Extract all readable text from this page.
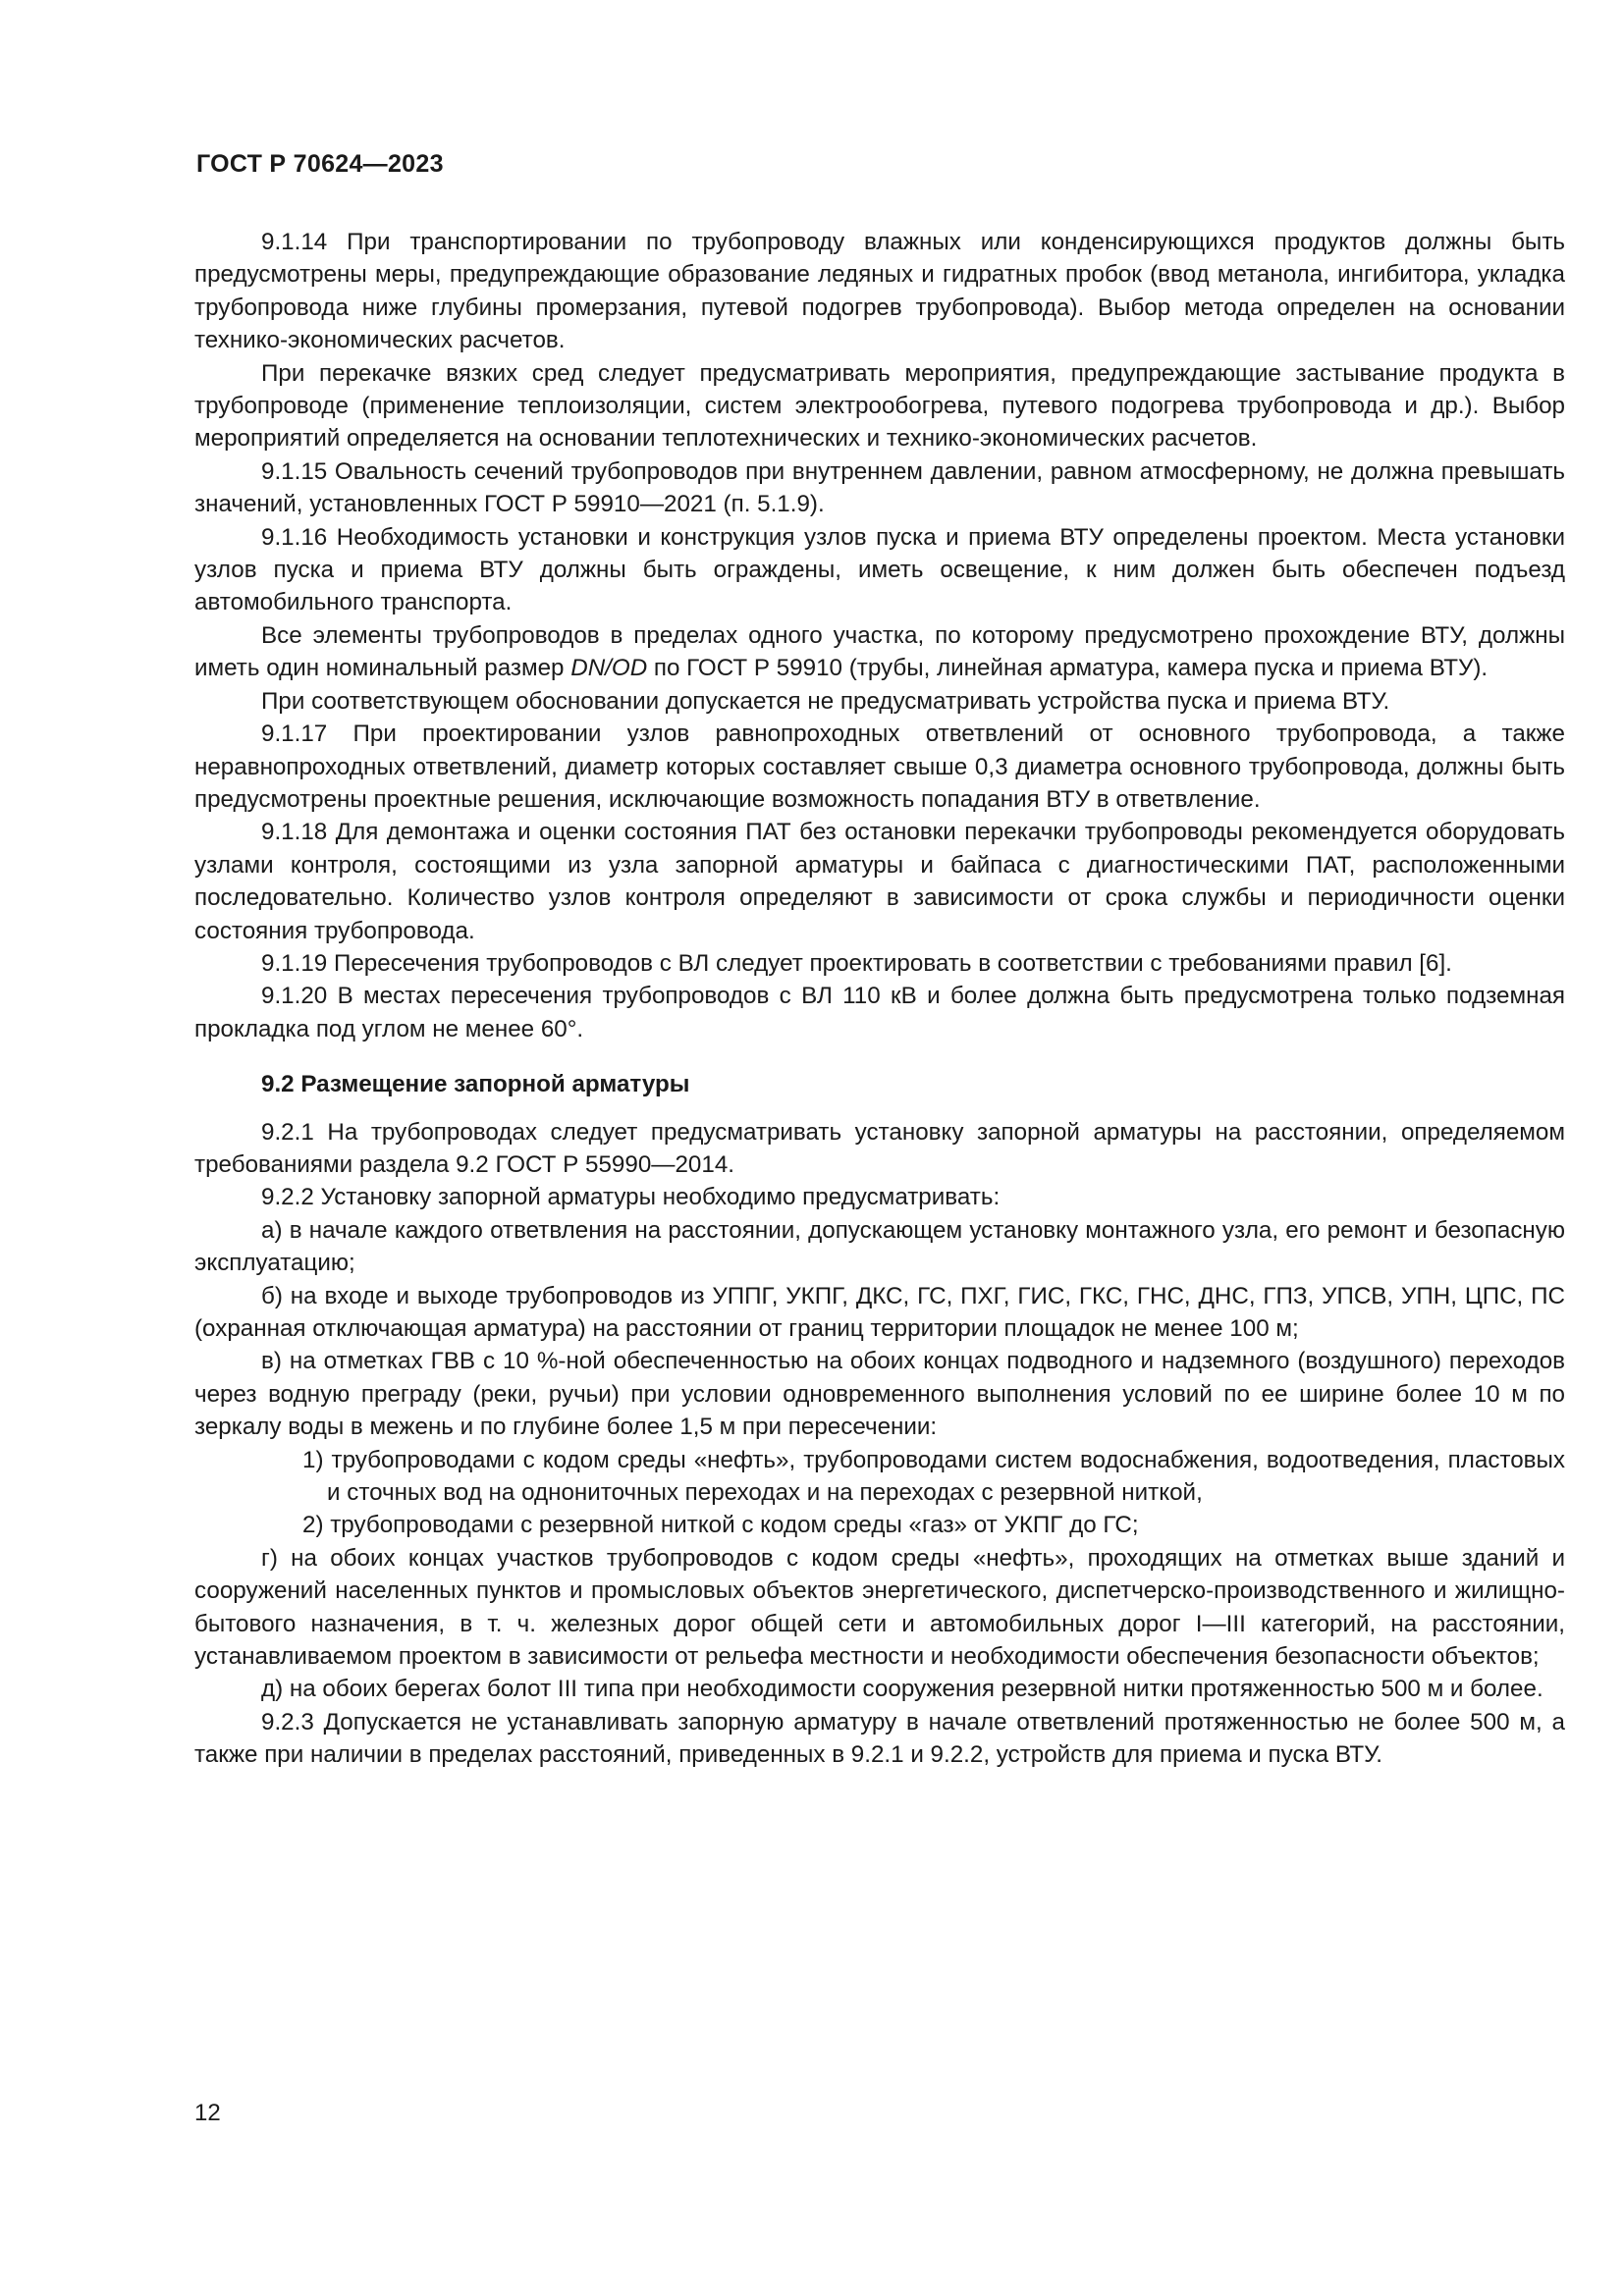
ГОСТ Р 70624—2023

9.1.14 При транспортировании по трубопроводу влажных или конденсирующихся продуктов должны быть предусмотрены меры, предупреждающие образование ледяных и гидратных пробок (ввод метанола, ингибитора, укладка трубопровода ниже глубины промерзания, путевой подогрев трубопровода). Выбор метода определен на основании технико-экономических расчетов.

При перекачке вязких сред следует предусматривать мероприятия, предупреждающие застывание продукта в трубопроводе (применение теплоизоляции, систем электрообогрева, путевого подогрева трубопровода и др.). Выбор мероприятий определяется на основании теплотехнических и технико-экономических расчетов.

9.1.15 Овальность сечений трубопроводов при внутреннем давлении, равном атмосферному, не должна превышать значений, установленных ГОСТ Р 59910—2021 (п. 5.1.9).

9.1.16 Необходимость установки и конструкция узлов пуска и приема ВТУ определены проектом. Места установки узлов пуска и приема ВТУ должны быть ограждены, иметь освещение, к ним должен быть обеспечен подъезд автомобильного транспорта.

Все элементы трубопроводов в пределах одного участка, по которому предусмотрено прохождение ВТУ, должны иметь один номинальный размер DN/OD по ГОСТ Р 59910 (трубы, линейная арматура, камера пуска и приема ВТУ).

При соответствующем обосновании допускается не предусматривать устройства пуска и приема ВТУ.

9.1.17 При проектировании узлов равнопроходных ответвлений от основного трубопровода, а также неравнопроходных ответвлений, диаметр которых составляет свыше 0,3 диаметра основного трубопровода, должны быть предусмотрены проектные решения, исключающие возможность попадания ВТУ в ответвление.

9.1.18 Для демонтажа и оценки состояния ПАТ без остановки перекачки трубопроводы рекомендуется оборудовать узлами контроля, состоящими из узла запорной арматуры и байпаса с диагностическими ПАТ, расположенными последовательно. Количество узлов контроля определяют в зависимости от срока службы и периодичности оценки состояния трубопровода.

9.1.19 Пересечения трубопроводов с ВЛ следует проектировать в соответствии с требованиями правил [6].

9.1.20 В местах пересечения трубопроводов с ВЛ 110 кВ и более должна быть предусмотрена только подземная прокладка под углом не менее 60°.

9.2 Размещение запорной арматуры

9.2.1 На трубопроводах следует предусматривать установку запорной арматуры на расстоянии, определяемом требованиями раздела 9.2 ГОСТ Р 55990—2014.

9.2.2 Установку запорной арматуры необходимо предусматривать:

а) в начале каждого ответвления на расстоянии, допускающем установку монтажного узла, его ремонт и безопасную эксплуатацию;

б) на входе и выходе трубопроводов из УППГ, УКПГ, ДКС, ГС, ПХГ, ГИС, ГКС, ГНС, ДНС, ГПЗ, УПСВ, УПН, ЦПС, ПС (охранная отключающая арматура) на расстоянии от границ территории площадок не менее 100 м;

в) на отметках ГВВ с 10 %-ной обеспеченностью на обоих концах подводного и надземного (воздушного) переходов через водную преграду (реки, ручьи) при условии одновременного выполнения условий по ее ширине более 10 м по зеркалу воды в межень и по глубине более 1,5 м при пересечении:

1) трубопроводами с кодом среды «нефть», трубопроводами систем водоснабжения, водоотведения, пластовых и сточных вод на однониточных переходах и на переходах с резервной ниткой,

2) трубопроводами с резервной ниткой с кодом среды «газ» от УКПГ до ГС;

г) на обоих концах участков трубопроводов с кодом среды «нефть», проходящих на отметках выше зданий и сооружений населенных пунктов и промысловых объектов энергетического, диспетчерско-производственного и жилищно-бытового назначения, в т. ч. железных дорог общей сети и автомобильных дорог I—III категорий, на расстоянии, устанавливаемом проектом в зависимости от рельефа местности и необходимости обеспечения безопасности объектов;

д) на обоих берегах болот III типа при необходимости сооружения резервной нитки протяженностью 500 м и более.

9.2.3 Допускается не устанавливать запорную арматуру в начале ответвлений протяженностью не более 500 м, а также при наличии в пределах расстояний, приведенных в 9.2.1 и 9.2.2, устройств для приема и пуска ВТУ.

12
